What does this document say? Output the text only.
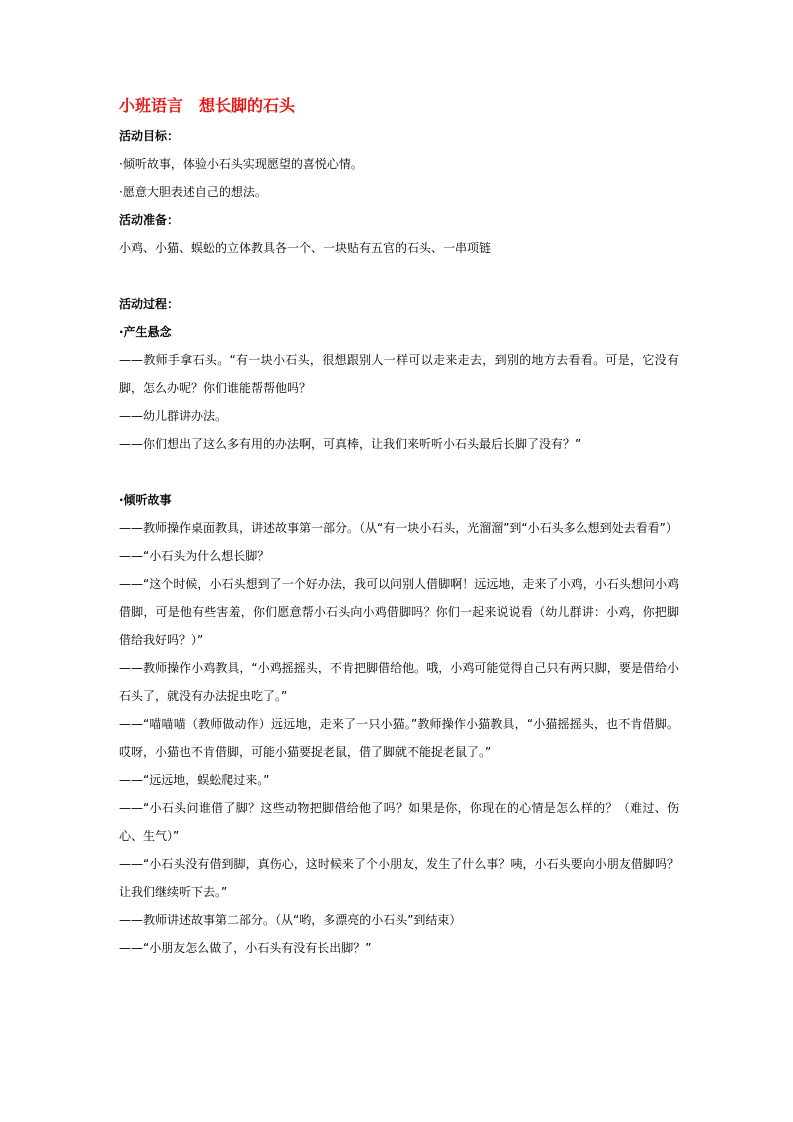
小班语言　想长脚的石头

活动目标：

·倾听故事，体验小石头实现愿望的喜悦心情。

·愿意大胆表述自己的想法。

活动准备：

小鸡、小猫、蜈蚣的立体教具各一个、一块贴有五官的石头、一串项链

活动过程：

·产生悬念

——教师手拿石头。“有一块小石头，很想跟别人一样可以走来走去，到别的地方去看看。可是，它没有脚，怎么办呢？你们谁能帮帮他吗？

——幼儿群讲办法。

——你们想出了这么多有用的办法啊，可真棒，让我们来听听小石头最后长脚了没有？”

·倾听故事

——教师操作桌面教具，讲述故事第一部分。（从“有一块小石头，光溜溜”到“小石头多么想到处去看看”）

——“小石头为什么想长脚？

——“这个时候，小石头想到了一个好办法，我可以问别人借脚啊！远远地，走来了小鸡，小石头想问小鸡借脚，可是他有些害羞，你们愿意帮小石头向小鸡借脚吗？你们一起来说说看（幼儿群讲：小鸡，你把脚借给我好吗？）”

——教师操作小鸡教具，“小鸡摇摇头，不肯把脚借给他。哦，小鸡可能觉得自己只有两只脚，要是借给小石头了，就没有办法捉虫吃了。”

——“喵喵喵（教师做动作）远远地，走来了一只小猫。”教师操作小猫教具，“小猫摇摇头，也不肯借脚。哎呀，小猫也不肯借脚，可能小猫要捉老鼠，借了脚就不能捉老鼠了。”

——“远远地，蜈蚣爬过来。”

——“小石头问谁借了脚？这些动物把脚借给他了吗？如果是你，你现在的心情是怎么样的？（难过、伤心、生气）”

——“小石头没有借到脚，真伤心，这时候来了个小朋友，发生了什么事？咦，小石头要向小朋友借脚吗？让我们继续听下去。”

——教师讲述故事第二部分。（从“哟，多漂亮的小石头”到结束）

——“小朋友怎么做了，小石头有没有长出脚？”
